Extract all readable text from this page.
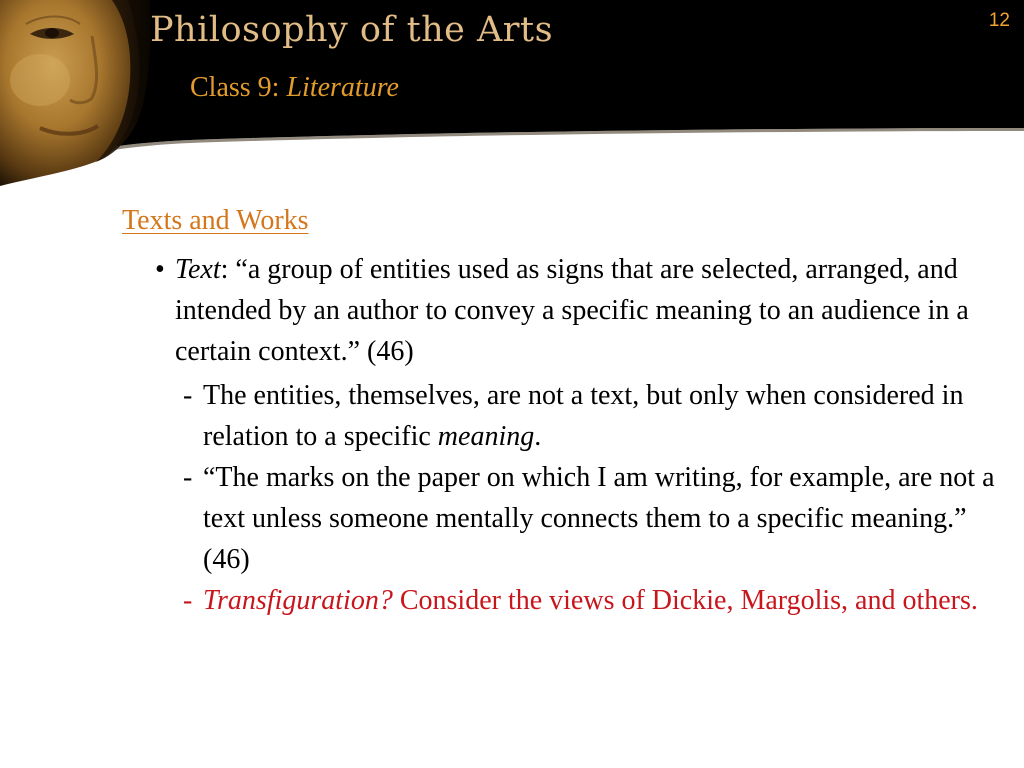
Philosophy of the Arts

Class 9: Literature

12
Texts and Works

• Text: “a group of entities used as signs that are selected, arranged, and intended by an author to convey a specific meaning to an audience in a certain context.” (46)

- The entities, themselves, are not a text, but only when considered in relation to a specific meaning.

- “The marks on the paper on which I am writing, for example, are not a text unless someone mentally connects them to a specific meaning.” (46)

- Transfiguration? Consider the views of Dickie, Margolis, and others.
